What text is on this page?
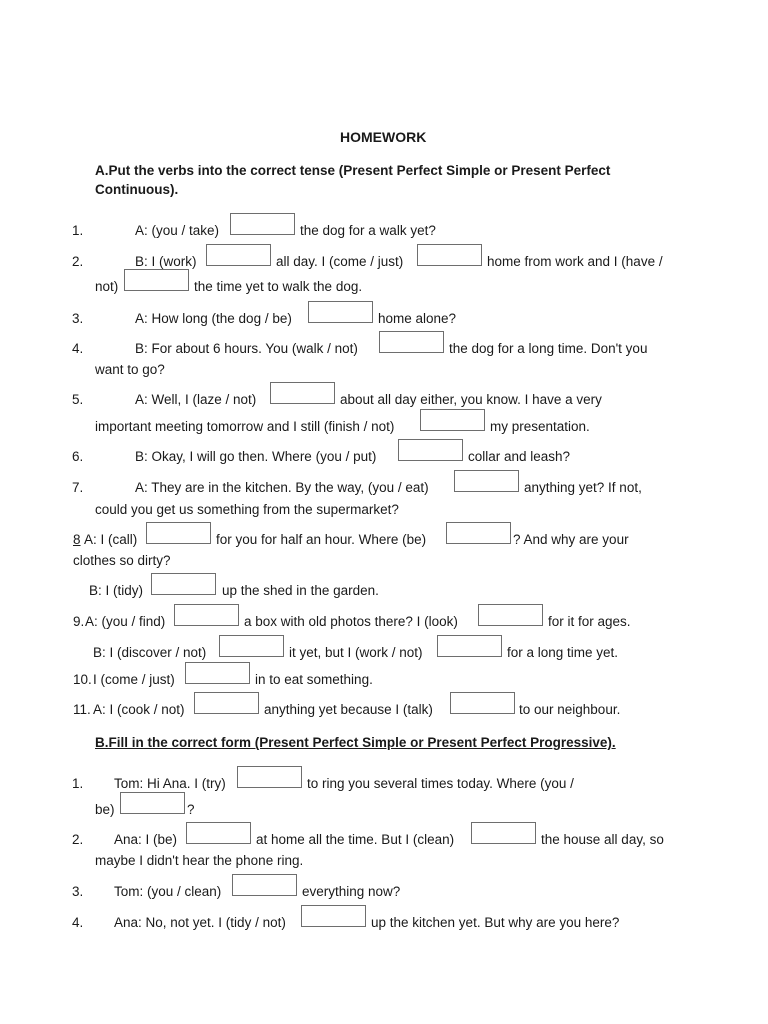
HOMEWORK
A.Put the verbs into the correct tense (Present Perfect Simple or Present Perfect
Continuous).
1.	A: (you / take)	the dog for a walk yet?
2.	B: I (work)	all day. I (come / just)	home from work and I (have /
not)	the time yet to walk the dog.
3.	A: How long (the dog / be)	home alone?
4.	B: For about 6 hours. You (walk / not)	the dog for a long time. Don't you
want to go?
5.	A: Well, I (laze / not)	about all day either, you know. I have a very
important meeting tomorrow and I still (finish / not)	my presentation.
6.	B: Okay, I will go then. Where (you / put)	collar and leash?
7.	A: They are in the kitchen. By the way, (you / eat)	anything yet? If not,
could you get us something from the supermarket?
8 A: I (call)	for you for half an hour. Where (be)	? And why are your
clothes so dirty?
B: I (tidy)	up the shed in the garden.
9. A: (you / find)	a box with old photos there? I (look)	for it for ages.
B: I (discover / not)	it yet, but I (work / not)	for a long time yet.
10. I (come / just)	in to eat something.
11. A: I (cook / not)	anything yet because I (talk)	to our neighbour.
B.Fill in the correct form (Present Perfect Simple or Present Perfect Progressive).
1. Tom: Hi Ana. I (try)	to ring you several times today. Where (you /
be)	?
2. Ana: I (be)	at home all the time. But I (clean)	the house all day, so
maybe I didn't hear the phone ring.
3. Tom: (you / clean)	everything now?
4. Ana: No, not yet. I (tidy / not)	up the kitchen yet. But why are you here?
